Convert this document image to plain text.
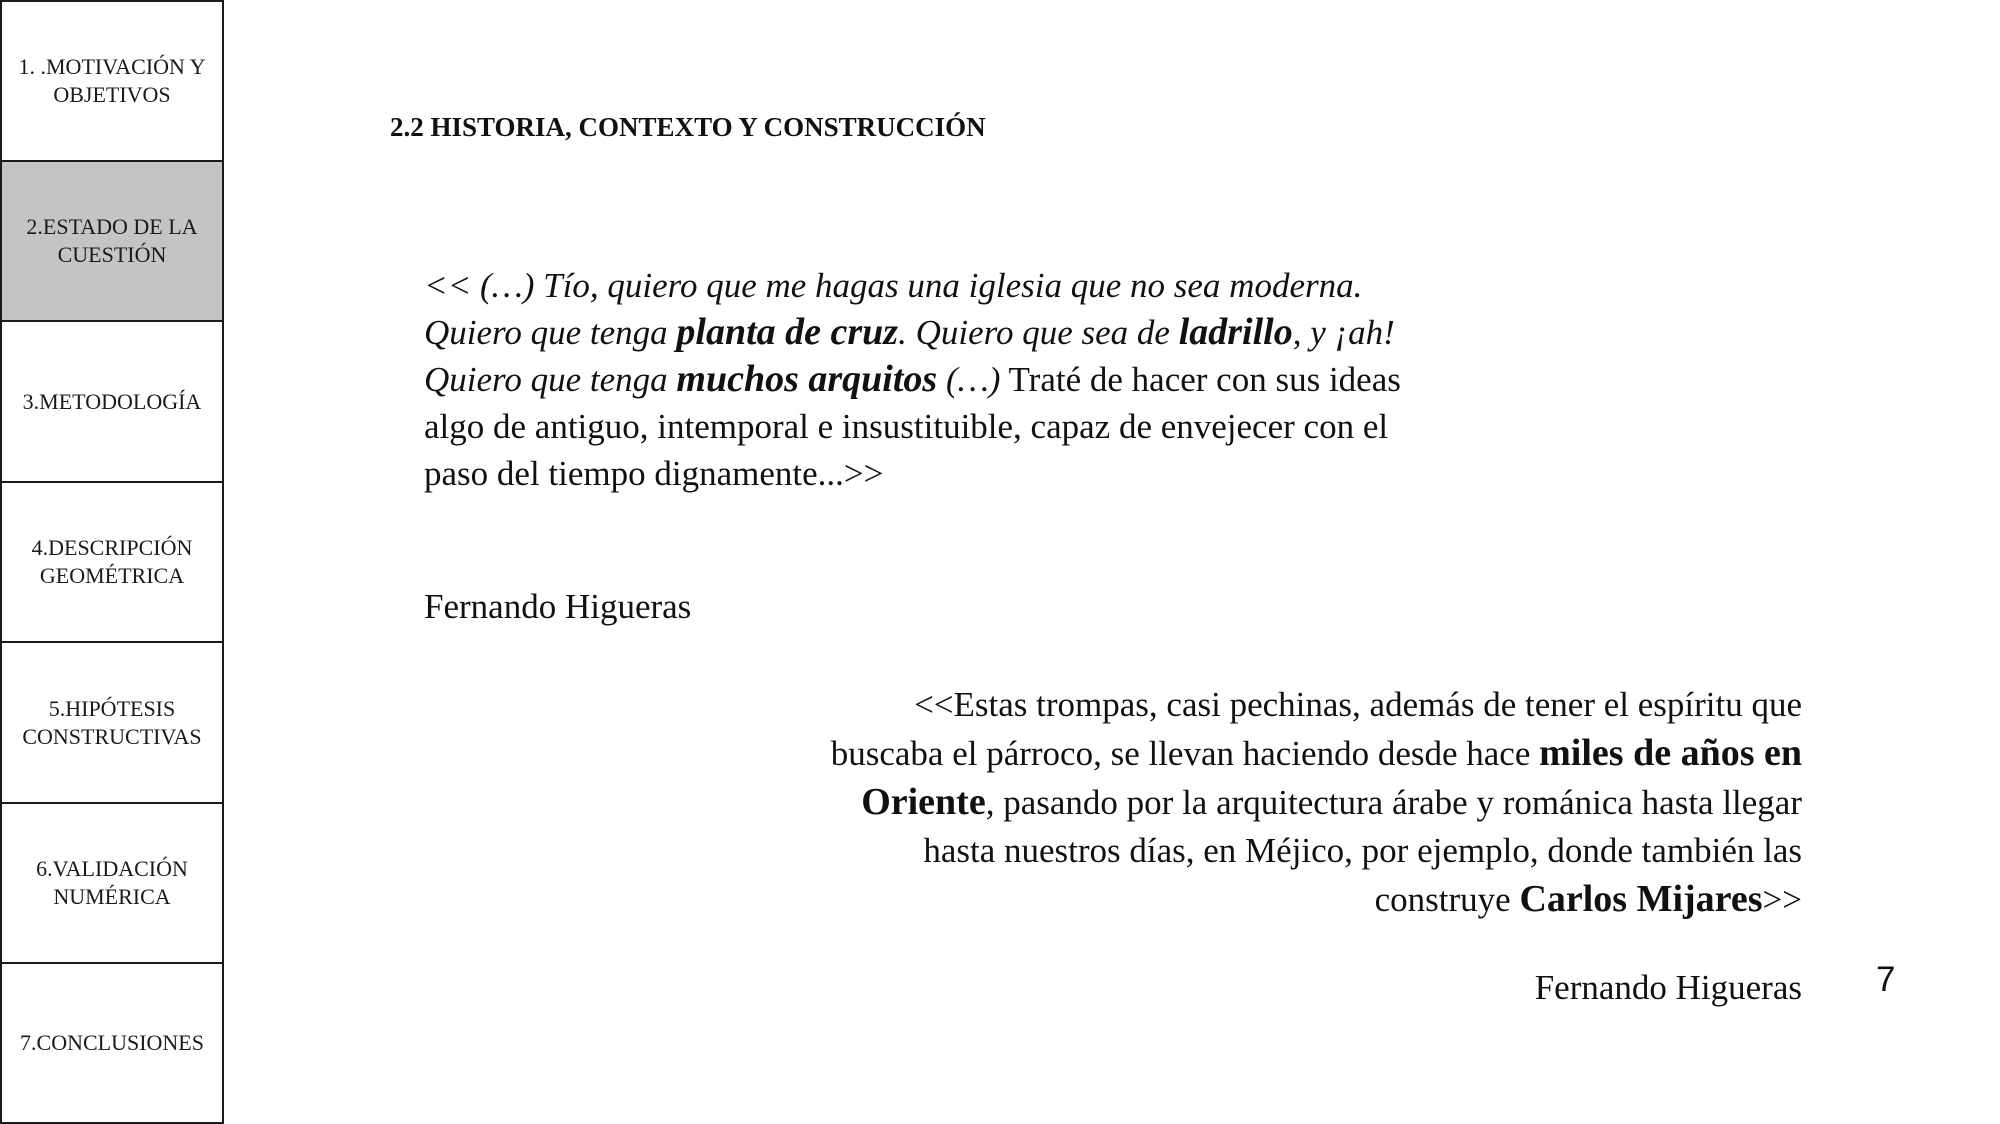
1. .MOTIVACIÓN Y OBJETIVOS
2.ESTADO DE LA CUESTIÓN
3.METODOLOGÍA
4.DESCRIPCIÓN GEOMÉTRICA
5.HIPÓTESIS CONSTRUCTIVAS
6.VALIDACIÓN NUMÉRICA
7.CONCLUSIONES
2.2 HISTORIA, CONTEXTO Y CONSTRUCCIÓN
<< (…) Tío, quiero que me hagas una iglesia que no sea moderna. Quiero que tenga planta de cruz. Quiero que sea de ladrillo, y ¡ah! Quiero que tenga muchos arquitos (…) Traté de hacer con sus ideas algo de antiguo, intemporal e insustituible, capaz de envejecer con el paso del tiempo dignamente...>>
Fernando Higueras
<<Estas trompas, casi pechinas, además de tener el espíritu que buscaba el párroco, se llevan haciendo desde hace miles de años en Oriente, pasando por la arquitectura árabe y románica hasta llegar hasta nuestros días, en Méjico, por ejemplo, donde también las construye Carlos Mijares>>
Fernando Higueras 7
